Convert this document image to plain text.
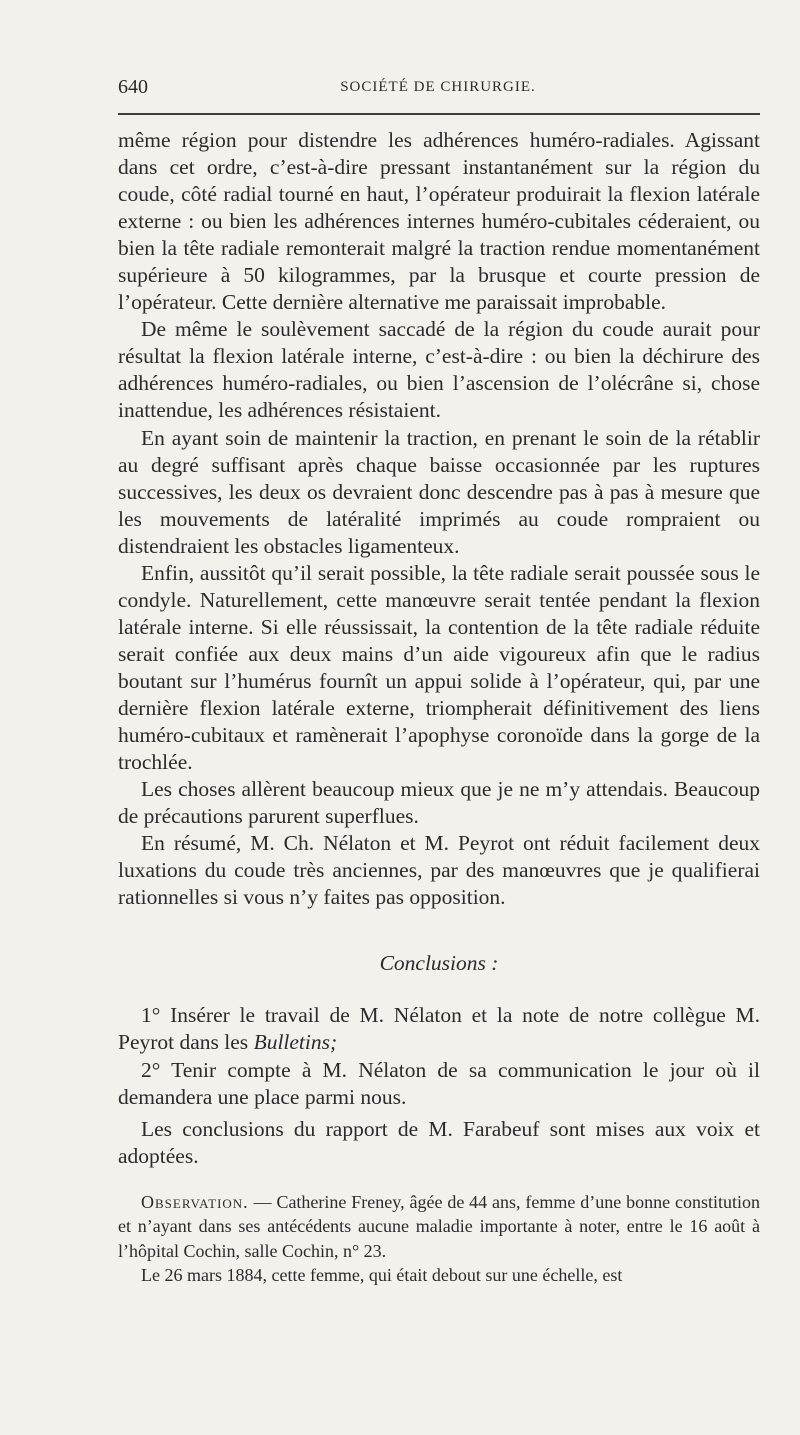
640	SOCIÉTÉ DE CHIRURGIE.

même région pour distendre les adhérences huméro-radiales. Agissant dans cet ordre, c’est-à-dire pressant instantanément sur la région du coude, côté radial tourné en haut, l’opérateur produirait la flexion latérale externe : ou bien les adhérences internes huméro-cubitales céderaient, ou bien la tête radiale remonterait malgré la traction rendue momentanément supérieure à 50 kilogrammes, par la brusque et courte pression de l’opérateur. Cette dernière alternative me paraissait improbable.

De même le soulèvement saccadé de la région du coude aurait pour résultat la flexion latérale interne, c’est-à-dire : ou bien la déchirure des adhérences huméro-radiales, ou bien l’ascension de l’olécrâne si, chose inattendue, les adhérences résistaient.

En ayant soin de maintenir la traction, en prenant le soin de la rétablir au degré suffisant après chaque baisse occasionnée par les ruptures successives, les deux os devraient donc descendre pas à pas à mesure que les mouvements de latéralité imprimés au coude rompraient ou distendraient les obstacles ligamenteux.

Enfin, aussitôt qu’il serait possible, la tête radiale serait poussée sous le condyle. Naturellement, cette manœuvre serait tentée pendant la flexion latérale interne. Si elle réussissait, la contention de la tête radiale réduite serait confiée aux deux mains d’un aide vigoureux afin que le radius boutant sur l’humérus fournît un appui solide à l’opérateur, qui, par une dernière flexion latérale externe, triompherait définitivement des liens huméro-cubitaux et ramènerait l’apophyse coronoïde dans la gorge de la trochlée.

Les choses allèrent beaucoup mieux que je ne m’y attendais. Beaucoup de précautions parurent superflues.

En résumé, M. Ch. Nélaton et M. Peyrot ont réduit facilement deux luxations du coude très anciennes, par des manœuvres que je qualifierai rationnelles si vous n’y faites pas opposition.

Conclusions :

1° Insérer le travail de M. Nélaton et la note de notre collègue M. Peyrot dans les Bulletins;

2° Tenir compte à M. Nélaton de sa communication le jour où il demandera une place parmi nous.

Les conclusions du rapport de M. Farabeuf sont mises aux voix et adoptées.

Observation. — Catherine Freney, âgée de 44 ans, femme d’une bonne constitution et n’ayant dans ses antécédents aucune maladie importante à noter, entre le 16 août à l’hôpital Cochin, salle Cochin, n° 23.

Le 26 mars 1884, cette femme, qui était debout sur une échelle, est
